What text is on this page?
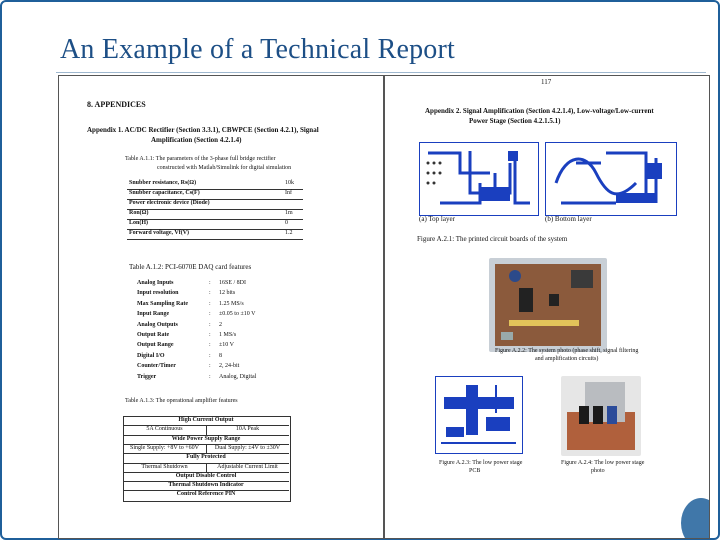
An Example of a Technical Report
8. APPENDICES
Appendix 1. AC/DC Rectifier (Section 3.3.1), CBWPCE (Section 4.2.1), Signal
Amplification (Section 4.2.1.4)
Table A.1.1: The parameters of the 3-phase full bridge rectifier
constructed with Matlab/Simulink for digital simulation
Snubber resistance, Rs(Ω)	10k
Snubber capacitance, Cs(F)	Inf
Power electronic device (Diode)
Ron(Ω)	1m
Lon(H)	0
Forward voltage, Vf(V)	1.2
Table A.1.2: PCI-6070E DAQ card features
Analog Inputs	: 16SE / 8DI
Input resolution	: 12 bits
Max Sampling Rate	: 1.25 MS/s
Input Range	: ±0.05 to ±10 V
Analog Outputs	: 2
Output Rate	: 1 MS/s
Output Range	: ±10 V
Digital I/O	: 8
Counter/Timer	: 2, 24-bit
Trigger	: Analog, Digital
Table A.1.3: The operational amplifier features
High Current Output
5A Continuous	10A Peak
Wide Power Supply Range
Single Supply: +8V to +60V	Dual Supply: ±4V to ±30V
Fully Protected
Thermal Shutdown	Adjustable Current Limit
Output Disable Control
Thermal Shutdown Indicator
Control Reference PIN
117
Appendix 2. Signal Amplification (Section 4.2.1.4), Low-voltage/Low-current
Power Stage (Section 4.2.1.5.1)
(a) Top layer	(b) Bottom layer
Figure A.2.1: The printed circuit boards of the system
Figure A.2.2: The system photo (phase shift, signal filtering
and amplification circuits)
Figure A.2.3: The low power stage
PCB
Figure A.2.4: The low power stage
photo
